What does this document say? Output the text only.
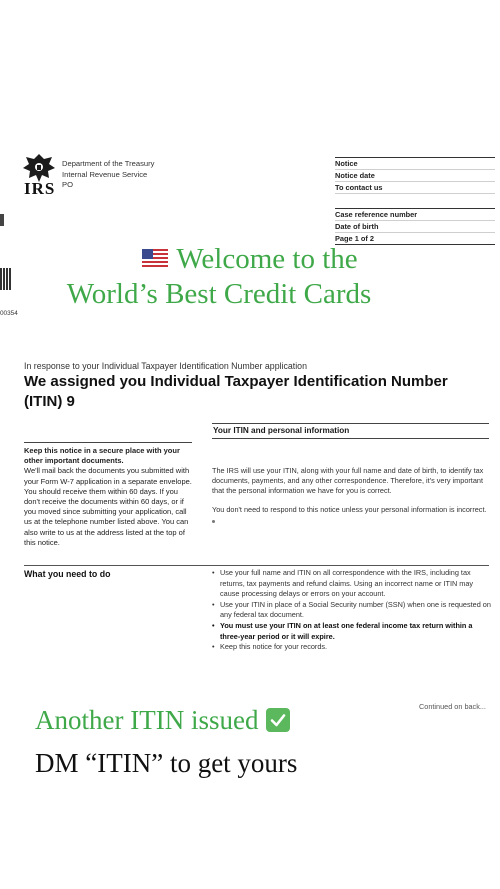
IRS
Department of the Treasury
Internal Revenue Service
PO
Notice
Notice date
To contact us
Case reference number
Date of birth
Page 1 of 2
00354
Welcome to the
World’s Best Credit Cards
In response to your Individual Taxpayer Identification Number application
We assigned you Individual Taxpayer Identification Number
(ITIN) 9
Your ITIN and personal information
Keep this notice in a secure place with your other important documents.
We'll mail back the documents you submitted with your Form W-7 application in a separate envelope. You should receive them within 60 days. If you don't receive the documents within 60 days, or if you moved since submitting your application, call us at the telephone number listed above. You can also write to us at the address listed at the top of this notice.

The IRS will use your ITIN, along with your full name and date of birth, to identify tax documents, payments, and any other correspondence. Therefore, it's very important that the personal information we have for you is correct.

You don't need to respond to this notice unless your personal information is incorrect.

What you need to do
•	Use your full name and ITIN on all correspondence with the IRS, including tax returns, tax payments and refund claims. Using an incorrect name or ITIN may cause processing delays or errors on your account.
• Use your ITIN in place of a Social Security number (SSN) when one is requested on any federal tax document.
• You must use your ITIN on at least one federal income tax return within a three-year period or it will expire.
• Keep this notice for your records.
Continued on back...
Another ITIN issued
DM “ITIN” to get yours
